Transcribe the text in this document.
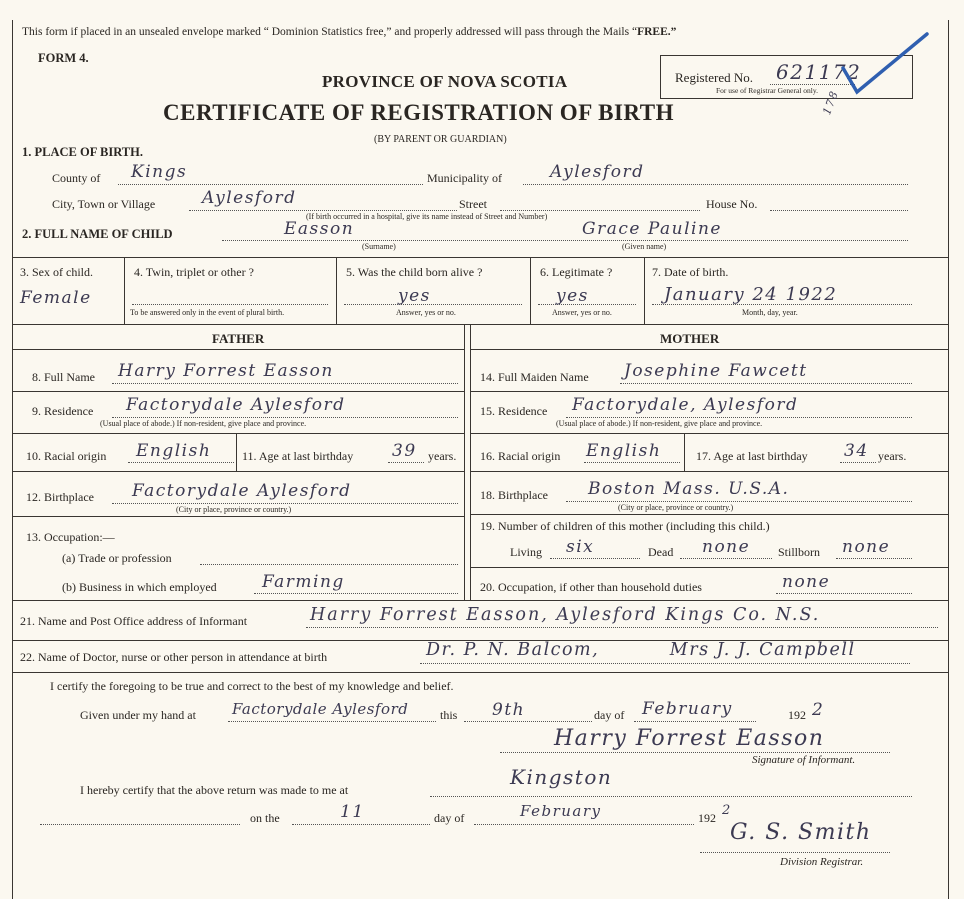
This form if placed in an unsealed envelope marked “ Dominion Statistics free,” and properly addressed will pass through the Mails “FREE.”
FORM 4.
PROVINCE OF NOVA SCOTIA
CERTIFICATE OF REGISTRATION OF BIRTH
(BY PARENT OR GUARDIAN)
Registered No. 621172
For use of Registrar General only. 178
1. PLACE OF BIRTH.
County of Kings	Municipality of	Aylesford
City, Town or Village	Aylesford	Street	House No.
(If birth occurred in a hospital, give its name instead of Street and Number)
2. FULL NAME OF CHILD	Easson
(Surname)
Grace Pauline
(Given name)
3. Sex of child.
Female
4. Twin, triplet or other ?
To be answered only in the event of plural birth.
5. Was the child born alive ?
yes
Answer, yes or no.
6. Legitimate ?
yes
Answer, yes or no.
7. Date of birth.
January 24 1922
Month, day, year.
FATHER	MOTHER
8. Full Name Harry Forrest Easson
9. Residence Factorydale Aylesford
(Usual place of abode.) If non-resident, give place and province.
10. Racial origin English	11. Age at last birthday 39 years.
12. Birthplace Factorydale Aylesford
(City or place, province or country.)
13. Occupation:—
(a) Trade or profession
(b) Business in which employed	Farming
14. Full Maiden Name Josephine Fawcett
15. Residence Factorydale, Aylesford
(Usual place of abode.) If non-resident, give place and province.
16. Racial origin English	17. Age at last birthday 34 years.
18. Birthplace Boston Mass. U.S.A.
(City or place, province or country.)
19. Number of children of this mother (including this child.)
Living six	Dead none Stillborn none
20. Occupation, if other than household duties	none
21. Name and Post Office address of Informant	Harry Forrest Easson, Aylesford Kings Co. N.S.
22. Name of Doctor, nurse or other person in attendance at birth	Dr. P. N. Balcom,          Mrs J. J. Campbell
I certify the foregoing to be true and correct to the best of my knowledge and belief.
Given under my hand at Factorydale Aylesford	this 9th	day of February	192 2
Harry Forrest Easson
Signature of Informant.
I hereby certify that the above return was made to me at
Kingston
on the	11	day of	February	192 2
G. S. Smith
Division Registrar.
